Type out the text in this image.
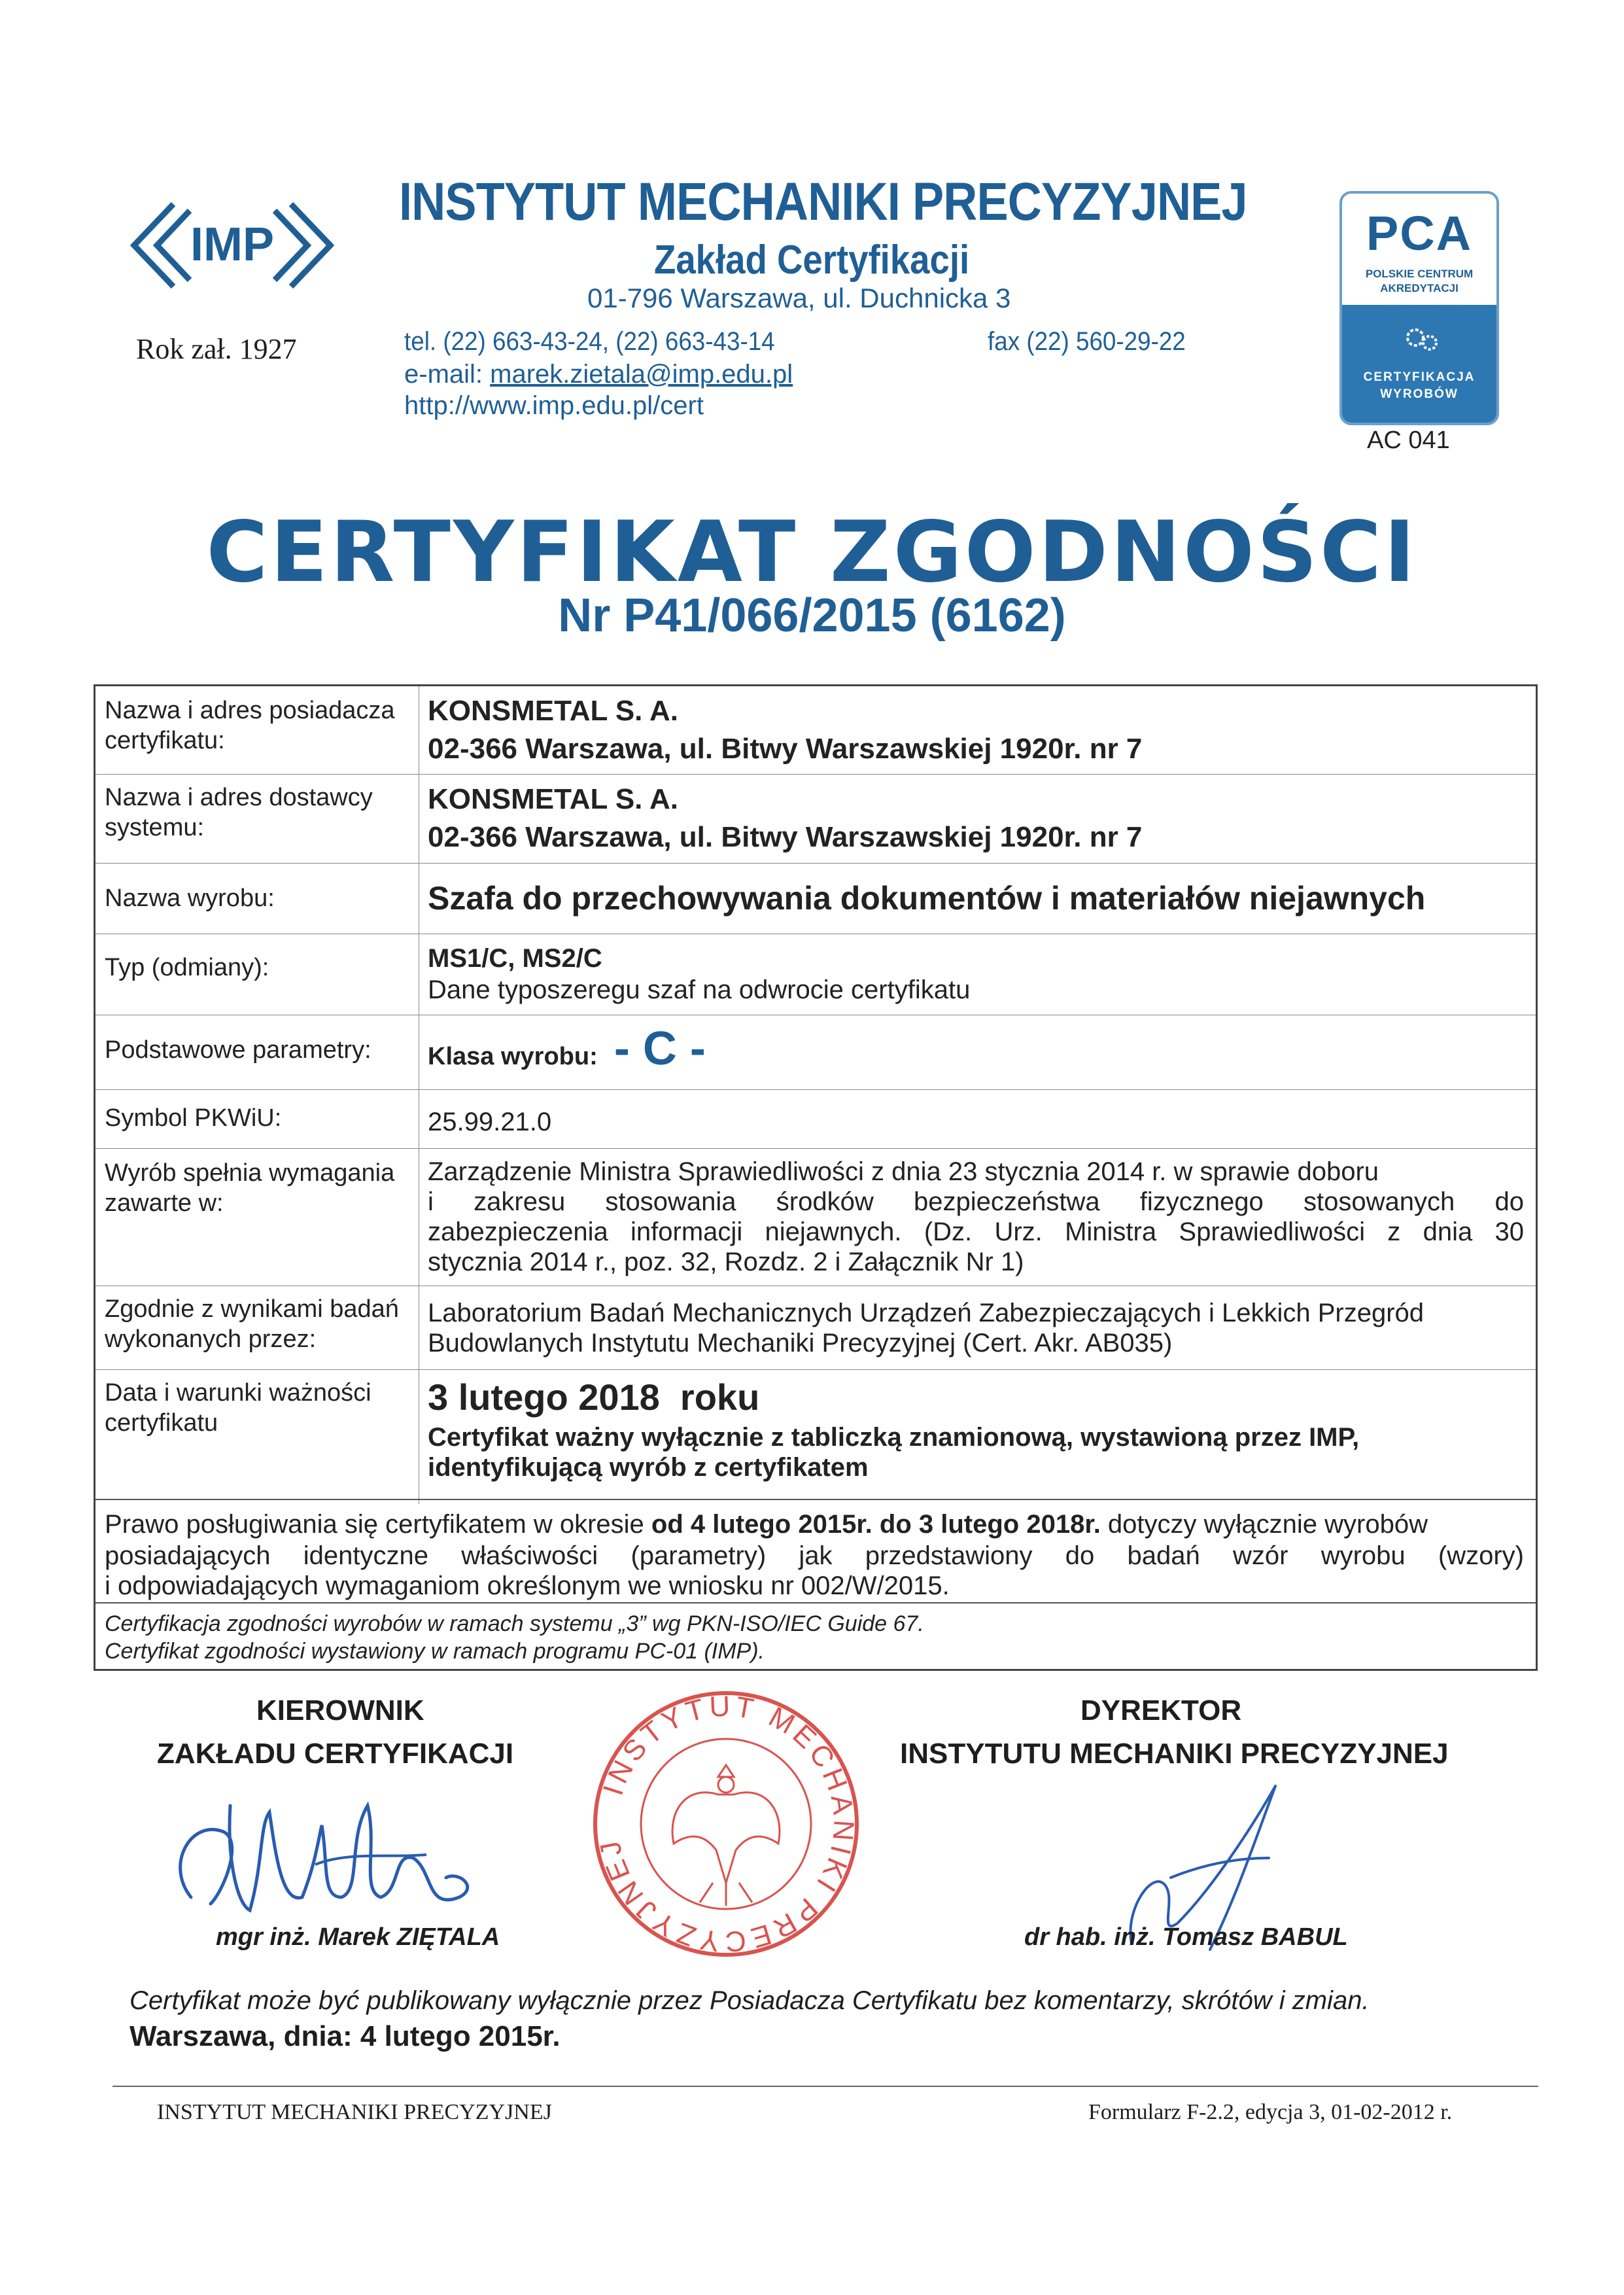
IMP
Rok zał. 1927
INSTYTUT MECHANIKI PRECYZYJNEJ
Zakład Certyfikacji
01-796 Warszawa, ul. Duchnicka 3
tel. (22) 663-43-24, (22) 663-43-14	fax (22) 560-29-22
e-mail: marek.zietala@imp.edu.pl
http://www.imp.edu.pl/cert
PCA
POLSKIE CENTRUM
AKREDYTACJI
CERTYFIKACJA
WYROBÓW
AC 041
CERTYFIKAT ZGODNOŚCI
Nr P41/066/2015 (6162)
Nazwa i adres posiadacza certyfikatu:
KONSMETAL S. A.
02-366 Warszawa, ul. Bitwy Warszawskiej 1920r. nr 7
Nazwa i adres dostawcy systemu:
KONSMETAL S. A.
02-366 Warszawa, ul. Bitwy Warszawskiej 1920r. nr 7
Nazwa wyrobu:	Szafa do przechowywania dokumentów i materiałów niejawnych
Typ (odmiany):	MS1/C, MS2/C
Dane typoszeregu szaf na odwrocie certyfikatu
Podstawowe parametry: Klasa wyrobu: - C -
Symbol PKWiU:	25.99.21.0
Wyrób spełnia wymagania zawarte w:
Zarządzenie Ministra Sprawiedliwości z dnia 23 stycznia 2014 r. w sprawie doboru
i zakresu stosowania środków bezpieczeństwa fizycznego stosowanych do
zabezpieczenia informacji niejawnych. (Dz. Urz. Ministra Sprawiedliwości z dnia 30
stycznia 2014 r., poz. 32, Rozdz. 2 i Załącznik Nr 1)
Zgodnie z wynikami badań wykonanych przez:
Laboratorium Badań Mechanicznych Urządzeń Zabezpieczających i Lekkich Przegród
Budowlanych Instytutu Mechaniki Precyzyjnej (Cert. Akr. AB035)
Data i warunki ważności certyfikatu
3 lutego 2018  roku
Certyfikat ważny wyłącznie z tabliczką znamionową, wystawioną przez IMP,
identyfikującą wyrób z certyfikatem
Prawo posługiwania się certyfikatem w okresie od 4 lutego 2015r. do 3 lutego 2018r. dotyczy wyłącznie wyrobów
posiadających identyczne właściwości (parametry) jak przedstawiony do badań wzór wyrobu (wzory)
i odpowiadających wymaganiom określonym we wniosku nr 002/W/2015.
Certyfikacja zgodności wyrobów w ramach systemu „3” wg PKN-ISO/IEC Guide 67.
Certyfikat zgodności wystawiony w ramach programu PC-01 (IMP).
KIEROWNIK
ZAKŁADU CERTYFIKACJI
DYREKTOR
INSTYTUTU MECHANIKI PRECYZYJNEJ
INSTYTUT MECHANIKI PRECYZYJNEJ
mgr inż. Marek ZIĘTALA	dr hab. inż. Tomasz BABUL
Certyfikat może być publikowany wyłącznie przez Posiadacza Certyfikatu bez komentarzy, skrótów i zmian.
Warszawa, dnia: 4 lutego 2015r.
INSTYTUT MECHANIKI PRECYZYJNEJ	Formularz F-2.2, edycja 3, 01-02-2012 r.
